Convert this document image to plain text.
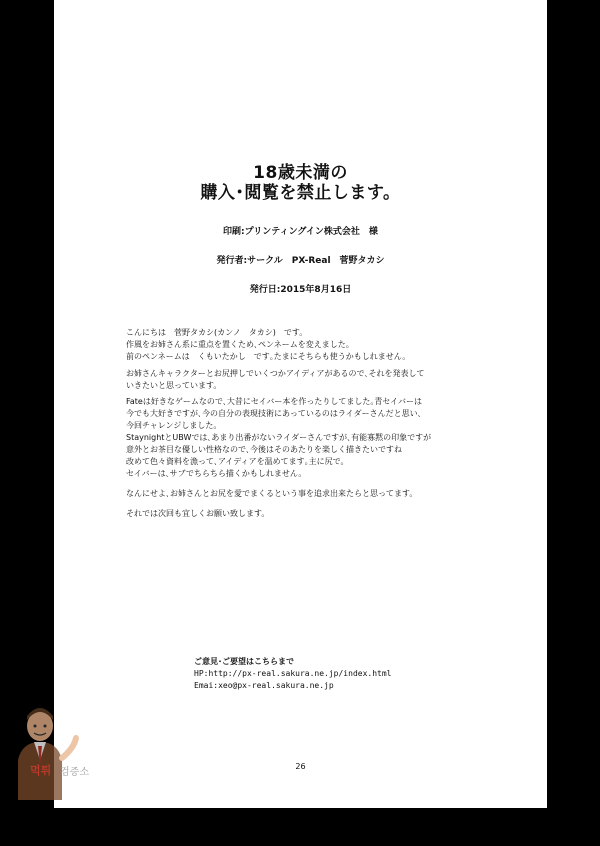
18歳未満の
購入･閲覧を禁止します。
印刷:プリンティングイン株式会社　様
発行者:サークル　PX-Real　菅野タカシ
発行日:2015年8月16日
こんにちは　菅野タカシ(カンノ　タカシ)　です。
作風をお姉さん系に重点を置くため､ペンネームを変えました。
前のペンネームは　くもいたかし　です｡たまにそちらも使うかもしれません。
お姉さんキャラクターとお尻押しでいくつかアイディアがあるので､それを発表して
いきたいと思っています。
Fateは好きなゲームなので､大昔にセイバー本を作ったりしてました｡青セイバーは
今でも大好きですが､今の自分の表現技術にあっているのはライダーさんだと思い､
今回チャレンジしました。
StaynightとUBWでは､あまり出番がないライダーさんですが､有能寡黙の印象ですが
意外とお茶目な優しい性格なので､今後はそのあたりを楽しく描きたいですね
改めて色々資料を漁って､アイディアを温めてます｡主に尻で。
セイバーは､サブでちらちら描くかもしれません。
なんにせよ､お姉さんとお尻を愛でまくるという事を追求出来たらと思ってます。
それでは次回も宜しくお願い致します。
ご意見･ご要望はこちらまで
HP:http://px-real.sakura.ne.jp/index.html
Emai:xeo@px-real.sakura.ne.jp
26
먹튀 검증소
